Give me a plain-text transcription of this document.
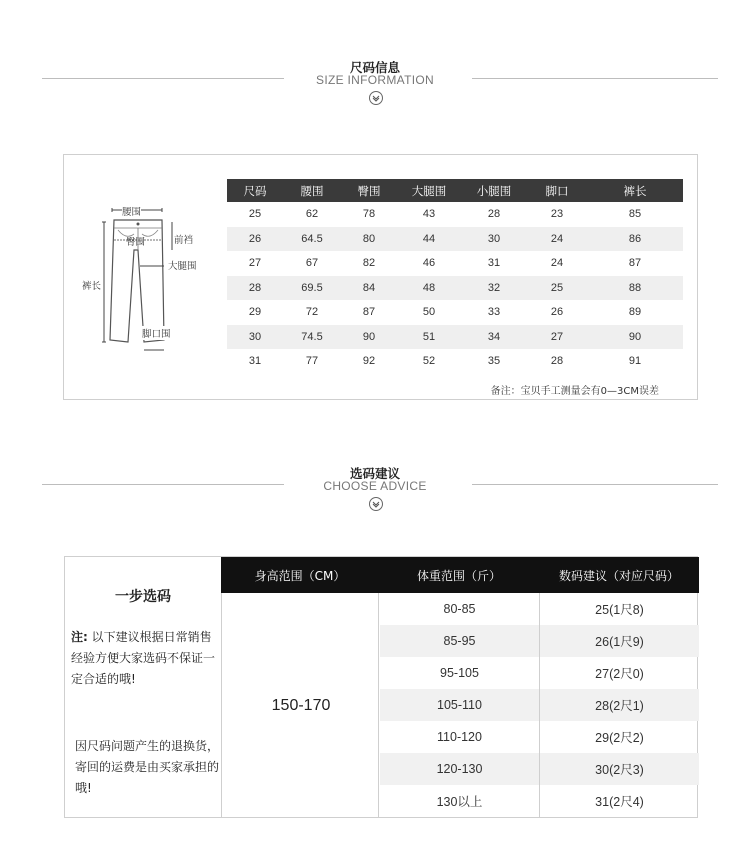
尺码信息
SIZE INFORMATION
腰围
臀围	前裆
大腿围
裤长
脚口围
尺码	腰围	臀围	大腿围	小腿围	脚口	裤长
25	62	78	43	28	23	85
26	64.5	80	44	30	24	86
27	67	82	46	31	24	87
28	69.5	84	48	32	25	88
29	72	87	50	33	26	89
30	74.5	90	51	34	27	90
31	77	92	52	35	28	91
备注：宝贝手工测量会有0—3CM误差
选码建议
CHOOSE ADVICE
一步选码
注: 以下建议根据日常销售经验方便大家选码不保证一定合适的哦!
因尺码问题产生的退换货，寄回的运费是由买家承担的哦!
身高范围（CM）	体重范围（斤）	数码建议（对应尺码）
150-170
80-85	25(1尺8)
85-95	26(1尺9)
95-105	27(2尺0)
105-110	28(2尺1)
110-120	29(2尺2)
120-130	30(2尺3)
130以上	31(2尺4)
